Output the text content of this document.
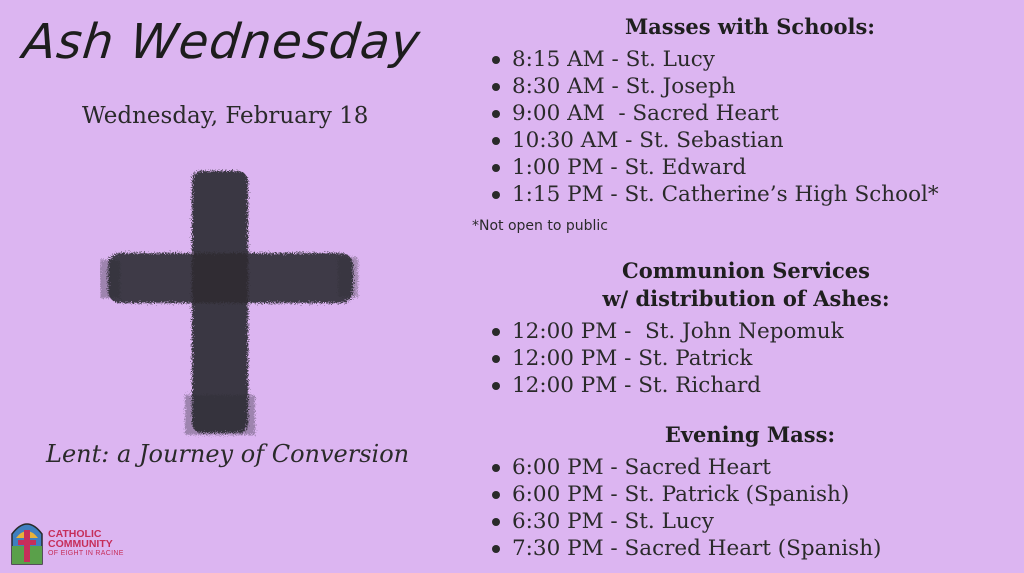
Ash Wednesday
Wednesday, February 18
Lent: a Journey of Conversion
CATHOLIC
COMMUNITY
OF EIGHT IN RACINE
Masses with Schools:
8:15 AM - St. Lucy
8:30 AM - St. Joseph
9:00 AM  - Sacred Heart
10:30 AM - St. Sebastian
1:00 PM - St. Edward
1:15 PM - St. Catherine’s High School*
*Not open to public
Communion Services
w/ distribution of Ashes:
12:00 PM -  St. John Nepomuk
12:00 PM - St. Patrick
12:00 PM - St. Richard
Evening Mass:
6:00 PM - Sacred Heart
6:00 PM - St. Patrick (Spanish)
6:30 PM - St. Lucy
7:30 PM - Sacred Heart (Spanish)
